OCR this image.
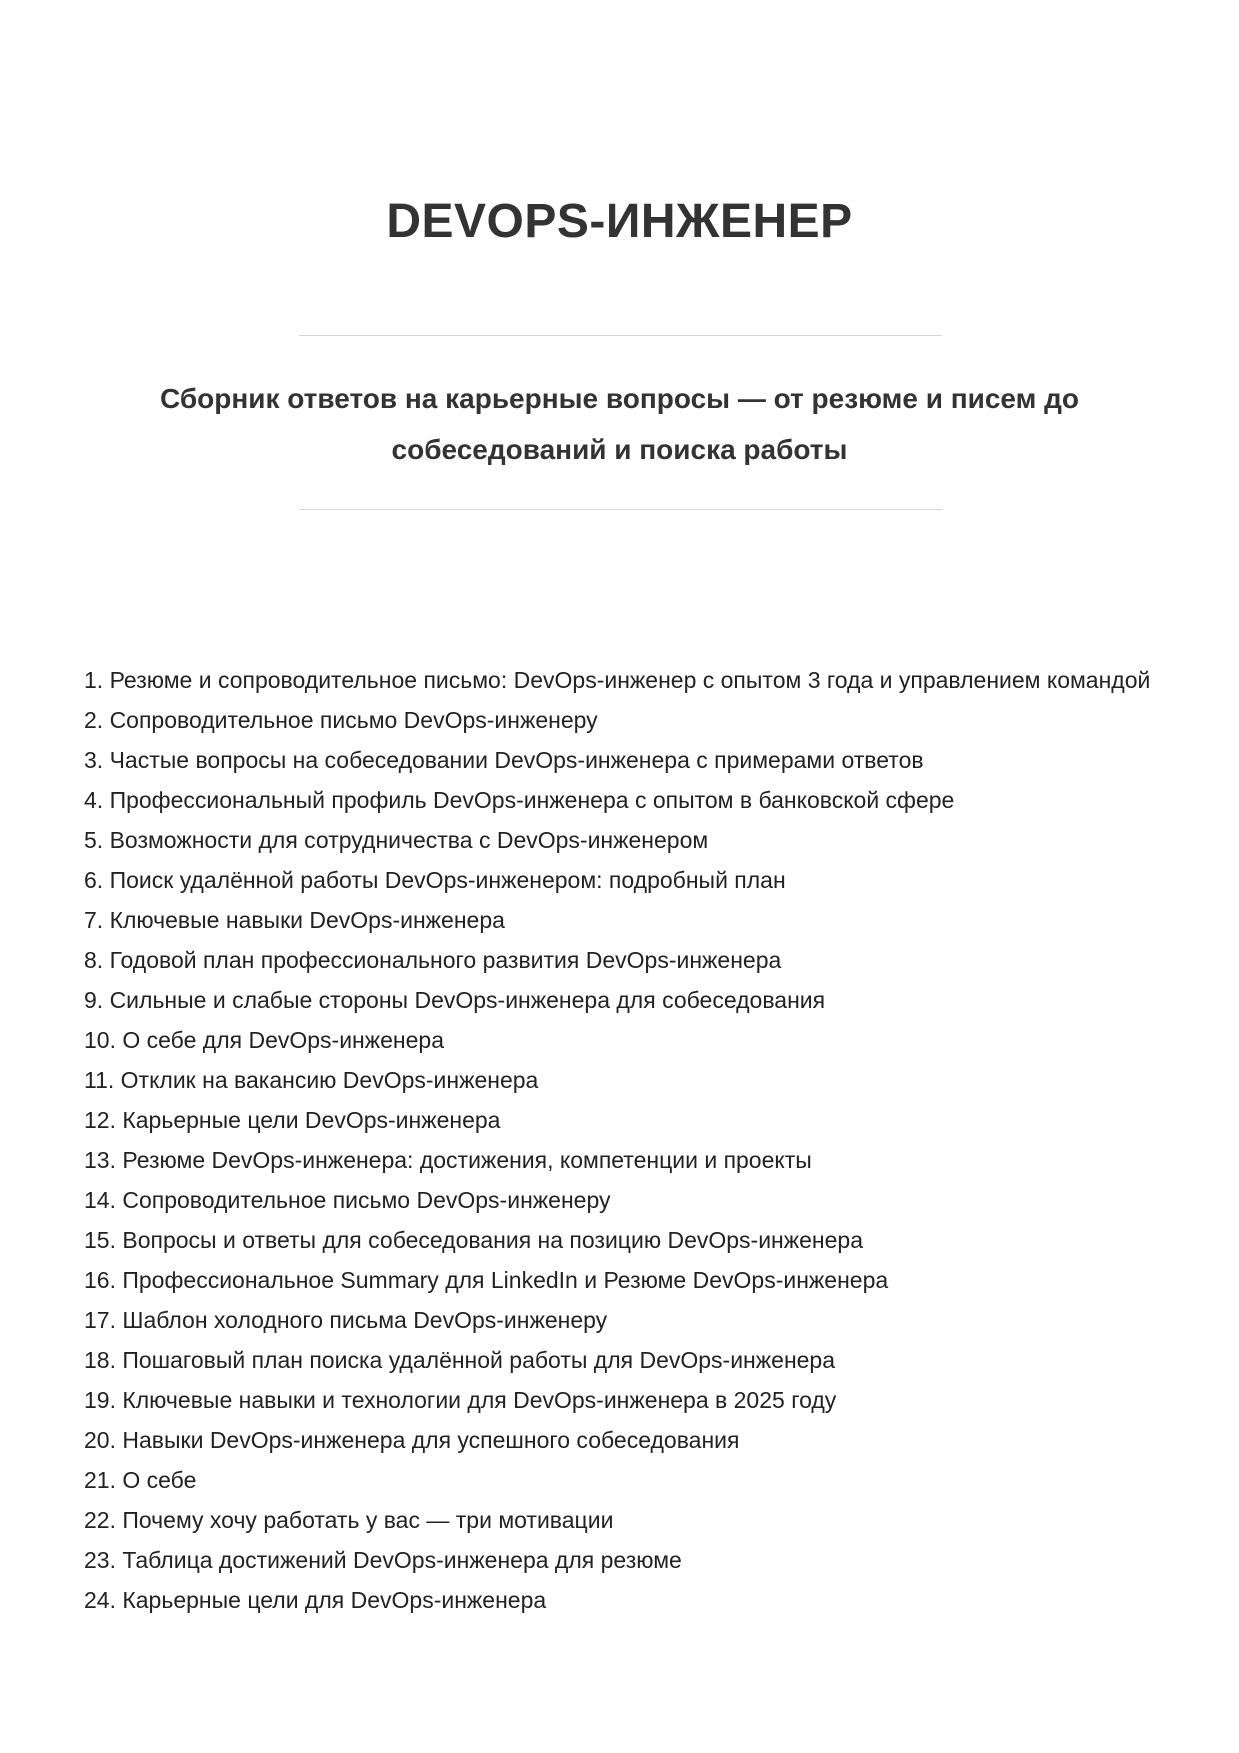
DEVOPS-ИНЖЕНЕР

Сборник ответов на карьерные вопросы — от резюме и писем до собеседований и поиска работы

1. Резюме и сопроводительное письмо: DevOps-инженер с опытом 3 года и управлением командой
2. Сопроводительное письмо DevOps-инженеру
3. Частые вопросы на собеседовании DevOps-инженера с примерами ответов
4. Профессиональный профиль DevOps-инженера с опытом в банковской сфере
5. Возможности для сотрудничества с DevOps-инженером
6. Поиск удалённой работы DevOps-инженером: подробный план
7. Ключевые навыки DevOps-инженера
8. Годовой план профессионального развития DevOps-инженера
9. Сильные и слабые стороны DevOps-инженера для собеседования
10. О себе для DevOps-инженера
11. Отклик на вакансию DevOps-инженера
12. Карьерные цели DevOps-инженера
13. Резюме DevOps-инженера: достижения, компетенции и проекты
14. Сопроводительное письмо DevOps-инженеру
15. Вопросы и ответы для собеседования на позицию DevOps-инженера
16. Профессиональное Summary для LinkedIn и Резюме DevOps-инженера
17. Шаблон холодного письма DevOps-инженеру
18. Пошаговый план поиска удалённой работы для DevOps-инженера
19. Ключевые навыки и технологии для DevOps-инженера в 2025 году
20. Навыки DevOps-инженера для успешного собеседования
21. О себе
22. Почему хочу работать у вас — три мотивации
23. Таблица достижений DevOps-инженера для резюме
24. Карьерные цели для DevOps-инженера
